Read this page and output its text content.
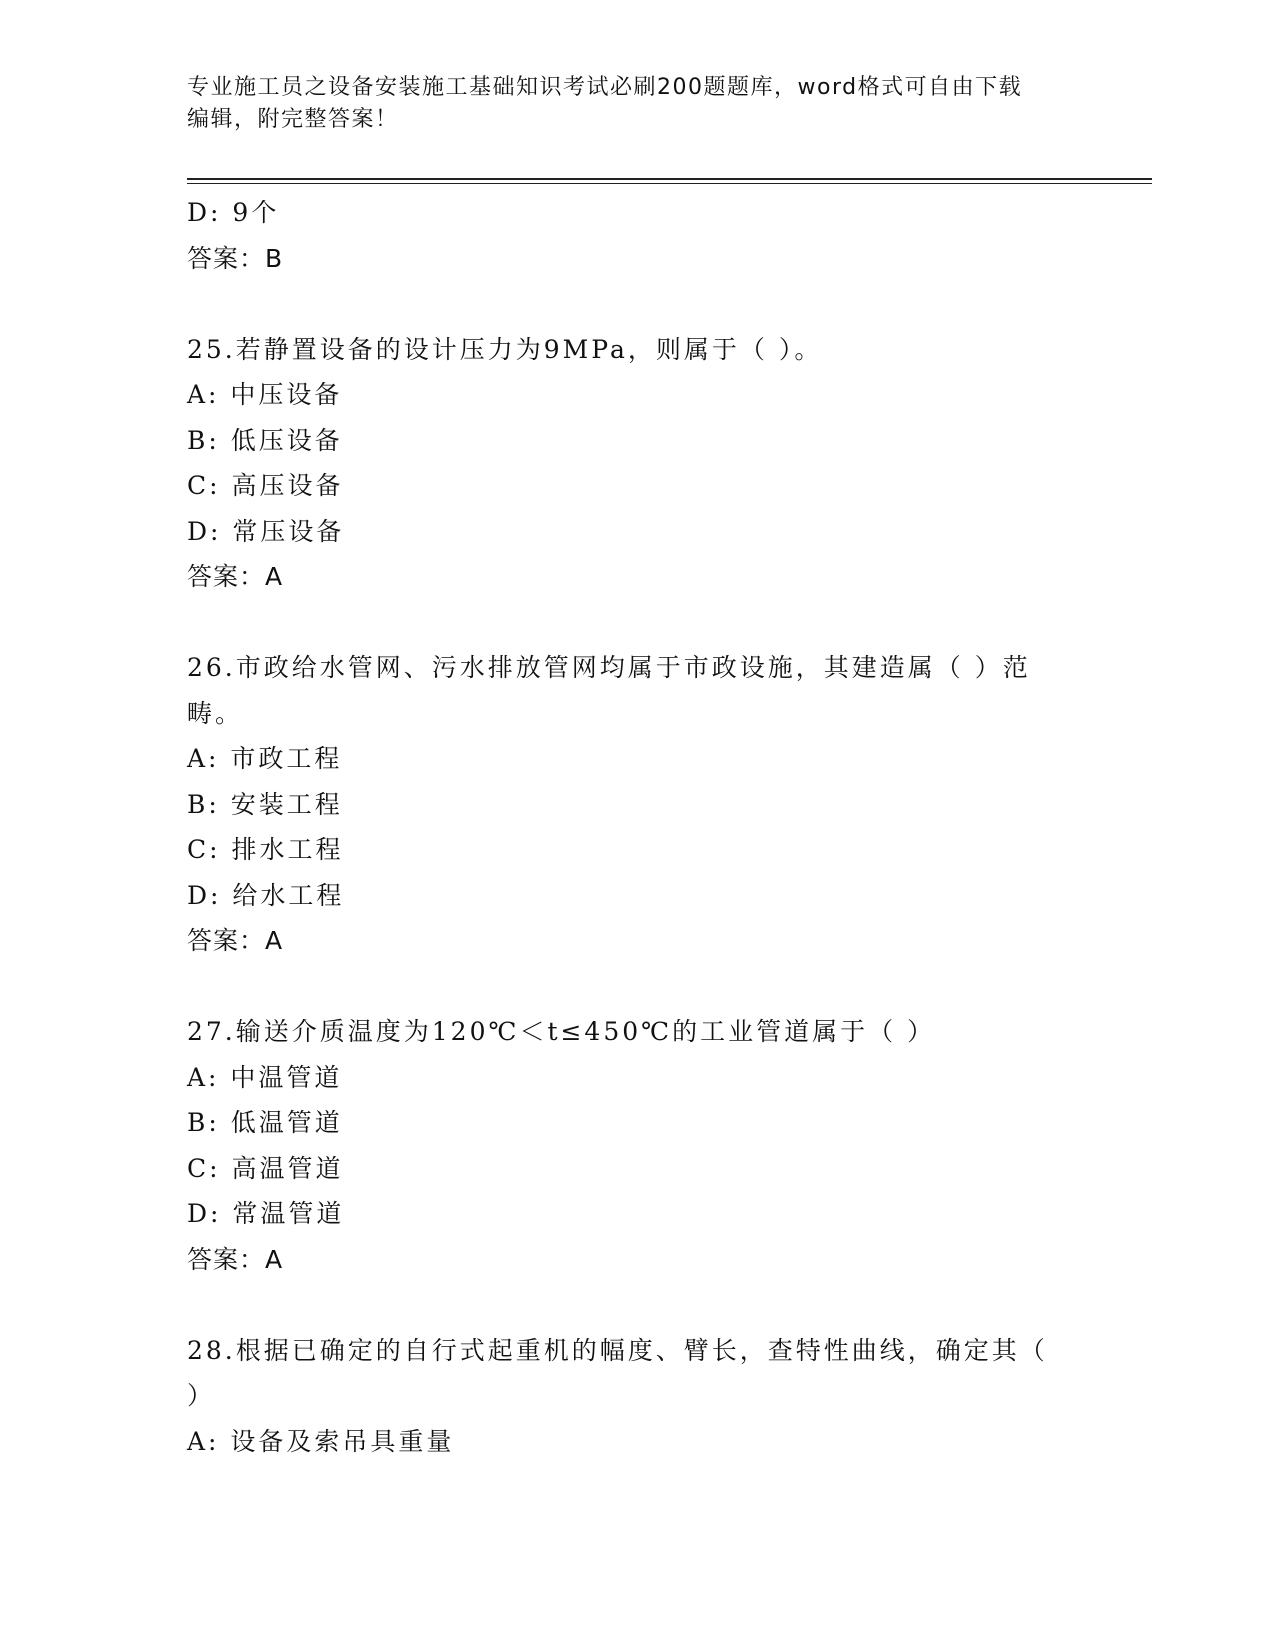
专业施工员之设备安装施工基础知识考试必刷200题题库，word格式可自由下载
编辑，附完整答案！
D: 9个
答案：B
25.若静置设备的设计压力为9MPa，则属于（ ）。
A: 中压设备
B: 低压设备
C: 高压设备
D: 常压设备
答案：A
26.市政给水管网、污水排放管网均属于市政设施，其建造属（ ）范
畴。
A: 市政工程
B: 安装工程
C: 排水工程
D: 给水工程
答案：A
27.输送介质温度为120℃＜t≤450℃的工业管道属于（ ）
A: 中温管道
B: 低温管道
C: 高温管道
D: 常温管道
答案：A
28.根据已确定的自行式起重机的幅度、臂长，查特性曲线，确定其（
）
A: 设备及索吊具重量
